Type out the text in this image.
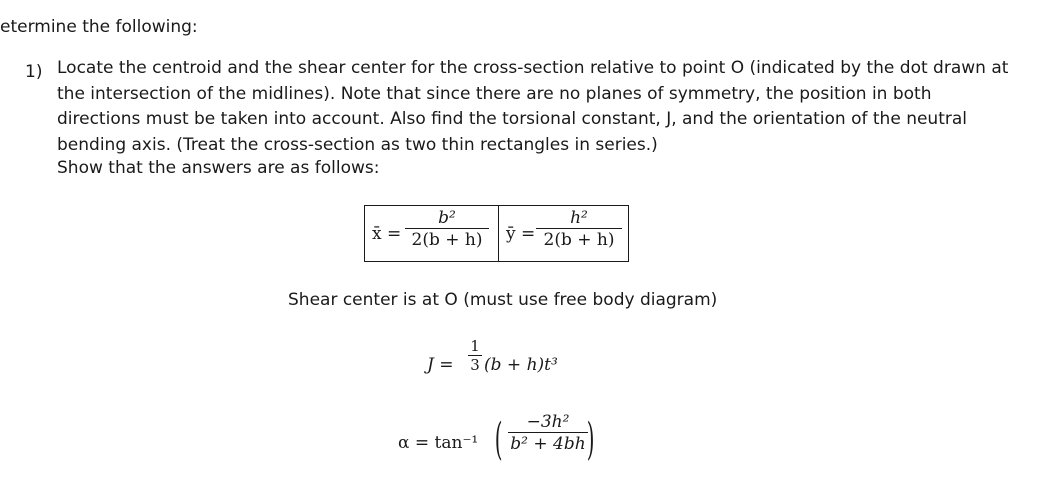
etermine the following:
1) Locate the centroid and the shear center for the cross-section relative to point O (indicated by the dot drawn at the intersection of the midlines). Note that since there are no planes of symmetry, the position in both directions must be taken into account. Also find the torsional constant, J, and the orientation of the neutral bending axis. (Treat the cross-section as two thin rectangles in series.)
Show that the answers are as follows:
x̄ =
b²
2(b + h) ȳ =
h²
2(b + h)
Shear center is at O (must use free body diagram)
J =
1
3 (b + h)t³
α = tan⁻¹ ( −3h²
b² + 4bh )
